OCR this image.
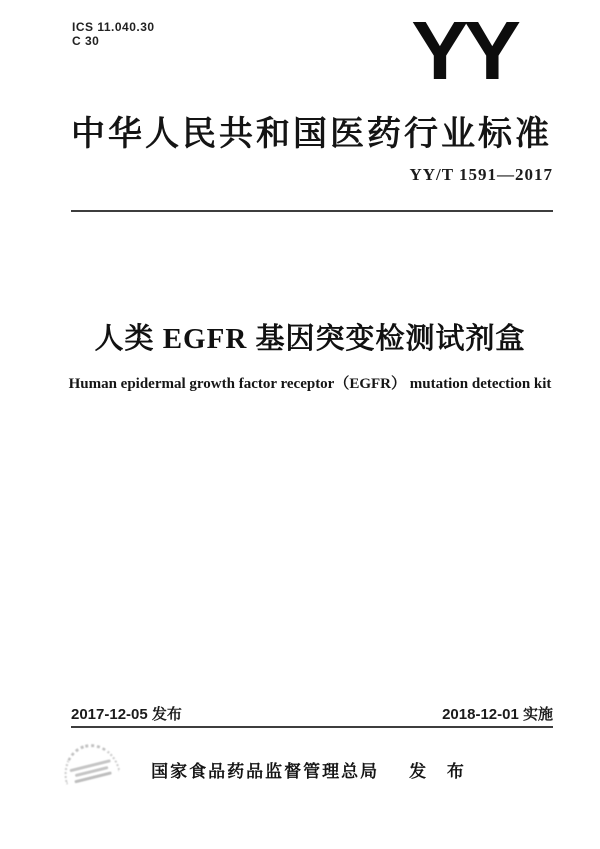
ICS 11.040.30
C 30	YY
中华人民共和国医药行业标准
YY/T 1591—2017
人类 EGFR 基因突变检测试剂盒
Human epidermal growth factor receptor（EGFR） mutation detection kit
2017-12-05 发布	2018-12-01 实施
国家食品药品监督管理总局 发 布
